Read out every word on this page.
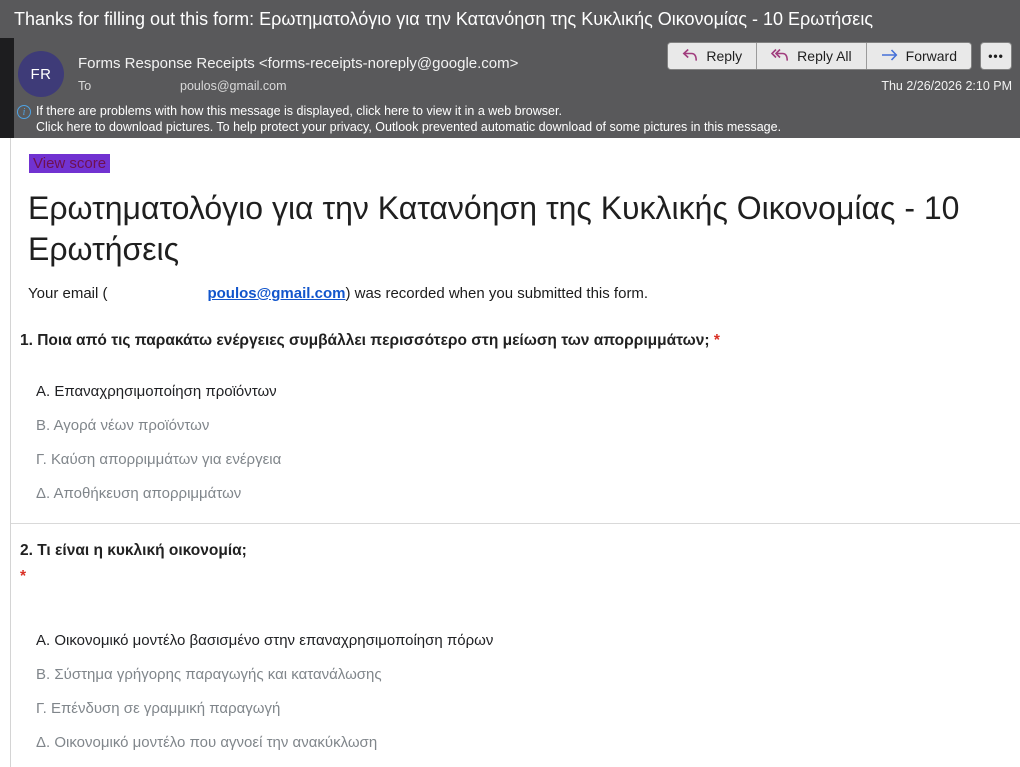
Thanks for filling out this form: Ερωτηματολόγιο για την Κατανόηση της Κυκλικής Οικονομίας - 10 Ερωτήσεις
FR
Forms Response Receipts <forms-receipts-noreply@google.com>
To	poulos@gmail.com
Reply	Reply All	Forward	•••
Thu 2/26/2026 2:10 PM
i If there are problems with how this message is displayed, click here to view it in a web browser.
Click here to download pictures. To help protect your privacy, Outlook prevented automatic download of some pictures in this message.
View score
Ερωτηματολόγιο για την Κατανόηση της Κυκλικής Οικονομίας - 10 Ερωτήσεις
Your email (	poulos@gmail.com) was recorded when you submitted this form.
1. Ποια από τις παρακάτω ενέργειες συμβάλλει περισσότερο στη μείωση των απορριμμάτων; *
Α. Επαναχρησιμοποίηση προϊόντων
Β. Αγορά νέων προϊόντων
Γ. Καύση απορριμμάτων για ενέργεια
Δ. Αποθήκευση απορριμμάτων
2. Τι είναι η κυκλική οικονομία;
*
Α. Οικονομικό μοντέλο βασισμένο στην επαναχρησιμοποίηση πόρων
Β. Σύστημα γρήγορης παραγωγής και κατανάλωσης
Γ. Επένδυση σε γραμμική παραγωγή
Δ. Οικονομικό μοντέλο που αγνοεί την ανακύκλωση
